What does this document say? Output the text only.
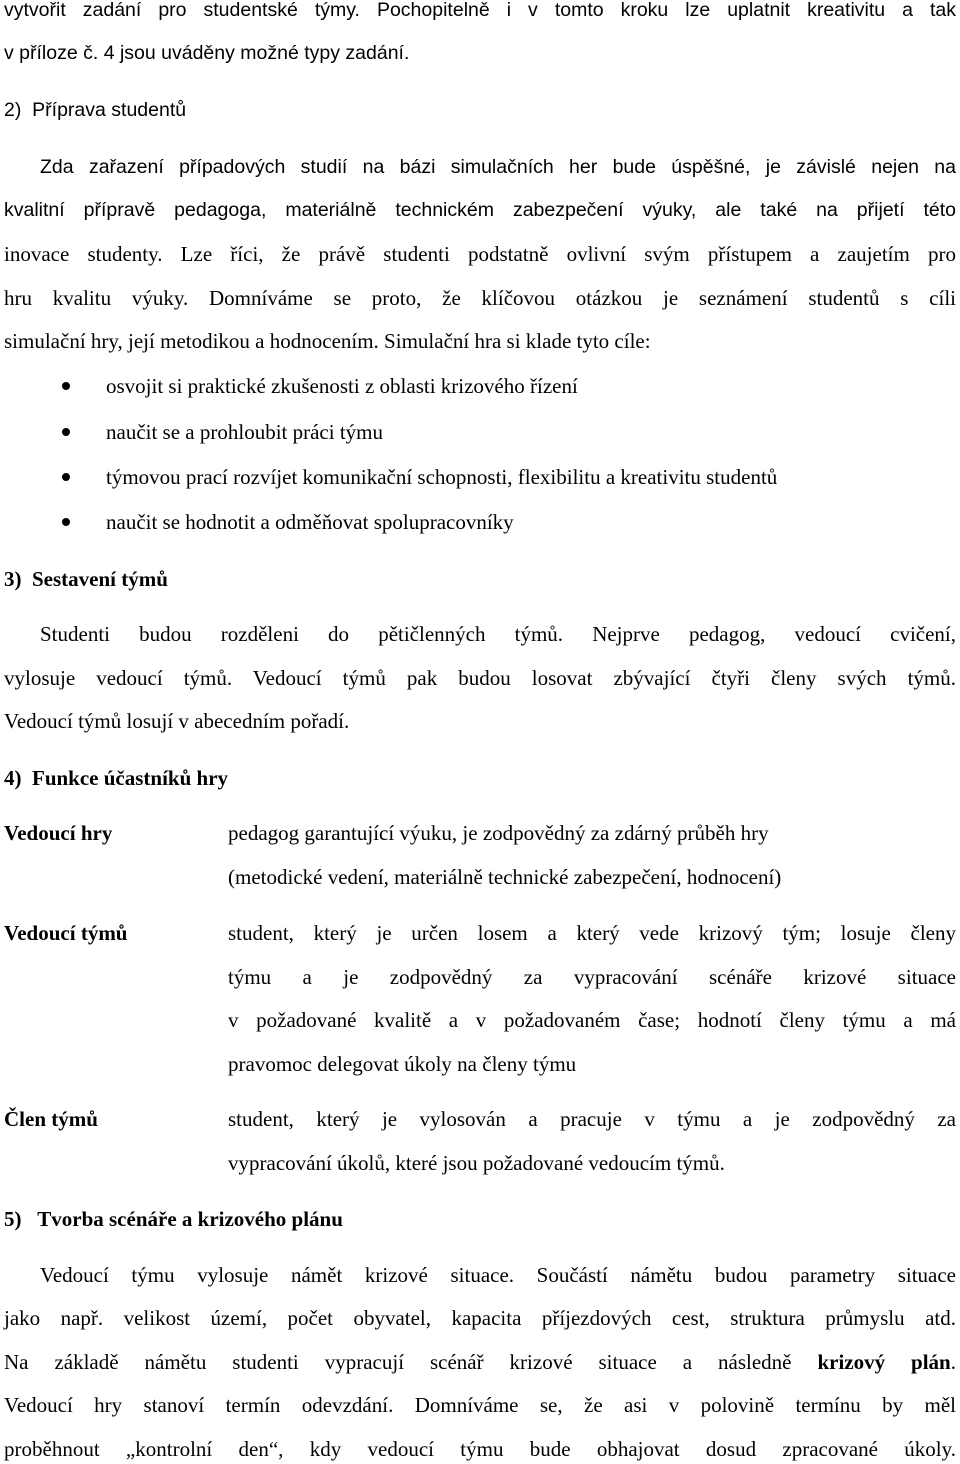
vytvořit zadání pro studentské týmy. Pochopitelně i v tomto kroku lze uplatnit kreativitu a tak
v příloze č. 4 jsou uváděny možné typy zadání.
2)  Příprava studentů
Zda zařazení případových studií na bázi simulačních her bude úspěšné, je závislé nejen na
kvalitní přípravě pedagoga, materiálně technickém zabezpečení výuky, ale také na přijetí této
inovace studenty. Lze říci, že právě studenti podstatně ovlivní svým přístupem a zaujetím pro
hru kvalitu výuky. Domníváme se proto, že klíčovou otázkou je seznámení studentů s cíli
simulační hry, její metodikou a hodnocením. Simulační hra si klade tyto cíle:
osvojit si praktické zkušenosti z oblasti krizového řízení
naučit se a prohloubit práci týmu
týmovou prací rozvíjet komunikační schopnosti, flexibilitu a kreativitu studentů
naučit se hodnotit a odměňovat spolupracovníky
3)  Sestavení týmů
Studenti budou rozděleni do pětičlenných týmů. Nejprve pedagog, vedoucí cvičení,
vylosuje vedoucí týmů. Vedoucí týmů pak budou losovat zbývající čtyři členy svých týmů.
Vedoucí týmů losují v abecedním pořadí.
4)  Funkce účastníků hry
Vedoucí hry	pedagog garantující výuku, je zodpovědný za zdárný průběh hry
(metodické vedení, materiálně technické zabezpečení, hodnocení)
Vedoucí týmů	student, který je určen losem a který vede krizový tým; losuje členy
týmu a je zodpovědný za vypracování scénáře krizové situace
v požadované kvalitě a v požadovaném čase; hodnotí členy týmu a má
pravomoc delegovat úkoly na členy týmu
Člen týmů	student, který je vylosován a pracuje v týmu a je zodpovědný za
vypracování úkolů, které jsou požadované vedoucím týmů.
5)   Tvorba scénáře a krizového plánu
Vedoucí týmu vylosuje námět krizové situace. Součástí námětu budou parametry situace
jako např. velikost území, počet obyvatel, kapacita příjezdových cest, struktura průmyslu atd.
Na základě námětu studenti vypracují scénář krizové situace a následně krizový plán.
Vedoucí hry stanoví termín odevzdání. Domníváme se, že asi v polovině termínu by měl
proběhnout „kontrolní den“, kdy vedoucí týmu bude obhajovat dosud zpracované úkoly.
